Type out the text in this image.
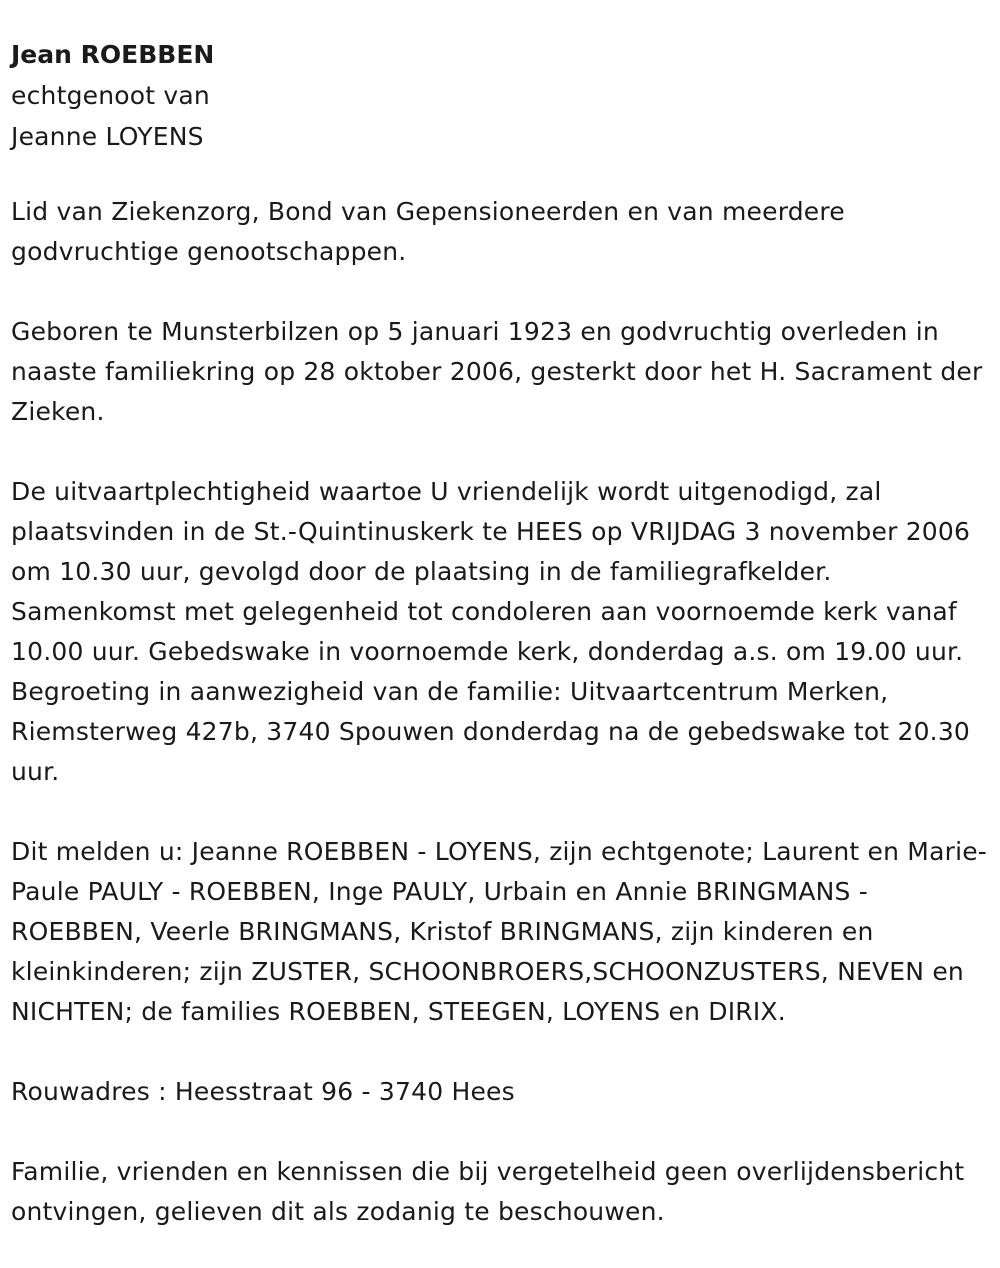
Jean ROEBBEN

echtgenoot van

Jeanne LOYENS

Lid van Ziekenzorg, Bond van Gepensioneerden en van meerdere godvruchtige genootschappen.

Geboren te Munsterbilzen op 5 januari 1923 en godvruchtig overleden in naaste familiekring op 28 oktober 2006, gesterkt door het H. Sacrament der Zieken.

De uitvaartplechtigheid waartoe U vriendelijk wordt uitgenodigd, zal plaatsvinden in de St.-Quintinuskerk te HEES op VRIJDAG 3 november 2006 om 10.30 uur, gevolgd door de plaatsing in de familiegrafkelder. Samenkomst met gelegenheid tot condoleren aan voornoemde kerk vanaf 10.00 uur. Gebedswake in voornoemde kerk, donderdag a.s. om 19.00 uur. Begroeting in aanwezigheid van de familie: Uitvaartcentrum Merken, Riemsterweg 427b, 3740 Spouwen donderdag na de gebedswake tot 20.30 uur.

Dit melden u: Jeanne ROEBBEN - LOYENS, zijn echtgenote; Laurent en Marie-Paule PAULY - ROEBBEN, Inge PAULY, Urbain en Annie BRINGMANS - ROEBBEN, Veerle BRINGMANS, Kristof BRINGMANS, zijn kinderen en kleinkinderen; zijn ZUSTER, SCHOONBROERS,SCHOONZUSTERS, NEVEN en NICHTEN; de families ROEBBEN, STEEGEN, LOYENS en DIRIX.

Rouwadres : Heesstraat 96 - 3740 Hees

Familie, vrienden en kennissen die bij vergetelheid geen overlijdensbericht ontvingen, gelieven dit als zodanig te beschouwen.
